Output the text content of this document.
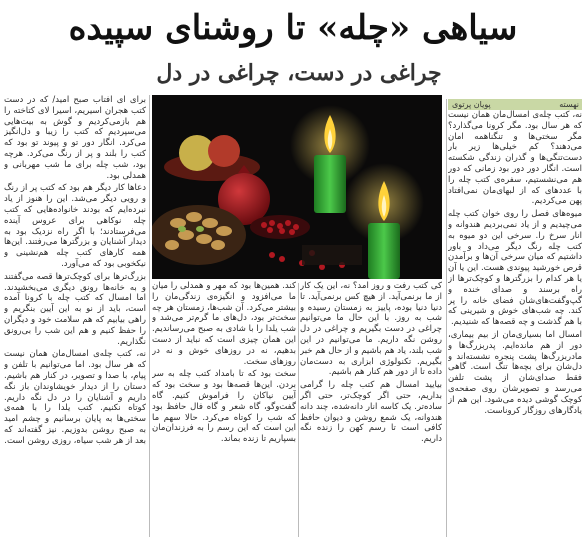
سیاهی «چله» تا روشنای سپیده
چراغی در دست، چراغی در دل
نهسته
پویان پرتوی

نه، کتب چله‌ی امسال‌مان همان نیست که هر سال بود. مگر کرونا می‌گذارد؟ مگر سختی‌ها و تنگناهمه امان می‌دهند؟ کم خیلی‌ها زیر بار دست‌تنگی‌ها و گذران زندگی شکسته است. انگار دور دور بود زمانی که دور هم می‌نشستیم، سفره‌ی کتب چله را با عددهای که از لبهای‌مان نمی‌افتاد پهن می‌کردیم.

میوه‌های فصل را روی خوان کتب چله می‌چیدیم و از یاد نمی‌بردیم هندوانه و انار سرخ را. سرخی این دو میوه به کتب چله رنگ دیگر می‌داد و باور داشتیم که میان سرخی آن‌ها و برآمدن قرص خورشید پیوندی هست. این یا آن یا هر کدام را بزرگترها و کوچک‌ترها از راه برسند و صدای خنده و گپ‌وگفت‌های‌شان فضای خانه را پر کند. چه شب‌های خوش و شیرینی که با هم گذشت و چه قصه‌ها که شنیدیم.

امسال اما بسیاری‌مان از بیم بیماری، دور از هم مانده‌ایم. پدربزرگ‌ها و مادربزرگ‌ها پشت پنجره نشسته‌اند و دل‌شان برای بچه‌ها تنگ است. گاهی فقط صدای‌شان از پشت تلفن می‌رسد و تصویرشان روی صفحه‌ی کوچک گوشی دیده می‌شود. این هم از یادگارهای روزگار کروناست.

کی کتب رفت و روز آمد؟ نه، این یک کار از ما برنمی‌آید. از هیچ کس برنمی‌آید. تا دنیا دنیا بوده، پاییز به زمستان رسیده و شب به روز. با این حال ما می‌توانیم چراغی در دست بگیریم و چراغی در دل روشن نگه داریم. ما می‌توانیم در این شب بلند، یاد هم باشیم و از حال هم خبر بگیریم. تکنولوژی ابزاری به دست‌مان داده تا از دور هم کنار هم باشیم.

بیایید امسال هم کتب چله را گرامی بداریم، حتی اگر کوچک‌تر، حتی اگر ساده‌تر. یک کاسه انار دانه‌شده، چند دانه هندوانه، یک شمع روشن و دیوان حافظ کافی است تا رسم کهن را زنده نگه داریم.

کند. همین‌ها بود که مهر و همدلی را میان ما می‌افزود و انگیزه‌ی زندگی‌مان را بیشتر می‌کرد. آن شب‌ها، زمستان هر چه سخت‌تر بود، دل‌های ما گرم‌تر می‌شد و شب یلدا را با شادی به صبح می‌رساندیم. این همان چیزی است که نباید از دست بدهیم، نه در روزهای خوش و نه در روزهای سخت.

سخت بود که تا بامداد کتب چله به سر بردن. این‌ها قصه‌ها بود و سخت بود که آیین نیاکان را فراموش کنیم. گاه گفت‌وگو، گاه شعر و گاه فال حافظ بود که شب را کوتاه می‌کرد. حالا سهم ما این است که این رسم را به فرزندان‌مان بسپاریم تا زنده بماند.

برای ای آفتاب صبح امید/ که در دست کتب هجران اسیریم، اسیرا لای کتاخته را هم بازمی‌کردیم و گوش به بیت‌هایی می‌سپردیم که کتب را زیبا و دل‌انگیز می‌کرد. انگار دور تو و پیوند تو بود که کتب را بلند و پر از رنگ می‌کرد. هرچه بود، شب چله برای ما شب مهربانی و همدلی بود.

دعاها کار دیگر هم بود که کتب پر از رنگ و رویی دیگر می‌شد. این را هنوز از یاد نبرده‌ایم که بودند خانواده‌هایی که کتب چله نوکاهی برای عروس آینده می‌فرستادند؛ با اگر راه نزدیک بود به دیدار آشنایان و بزرگترها می‌رفتند. این‌ها همه کارهای کتب چله هم‌نشینی و نیکخوبی بود که می‌آورد.

بزرگ‌ترها برای کوچک‌ترها قصه می‌گفتند و به خانه‌ها رونق دیگری می‌بخشیدند. اما امسال که کتب چله با کرونا آمده است، باید از نو به این آیین بنگریم و راهی بیابیم که هم سلامت خود و دیگران را حفظ کنیم و هم این شب را بی‌رونق نگذاریم.

نه، کتب چله‌ی امسال‌مان همان نیست که هر سال بود. اما می‌توانیم با تلفن و پیام، با صدا و تصویر، در کنار هم باشیم. دستان را از دیدار خویشاوندان باز نگه داریم و آشنایان را در دل نگه داریم. کوتاه نکنیم. کتب یلدا را با همه‌ی سختی‌ها به پایان برسانیم و چشم امید به صبح روشن بدوزیم. نیز گفته‌اند که بعد از هر شب سیاه، روزی روشن است.
